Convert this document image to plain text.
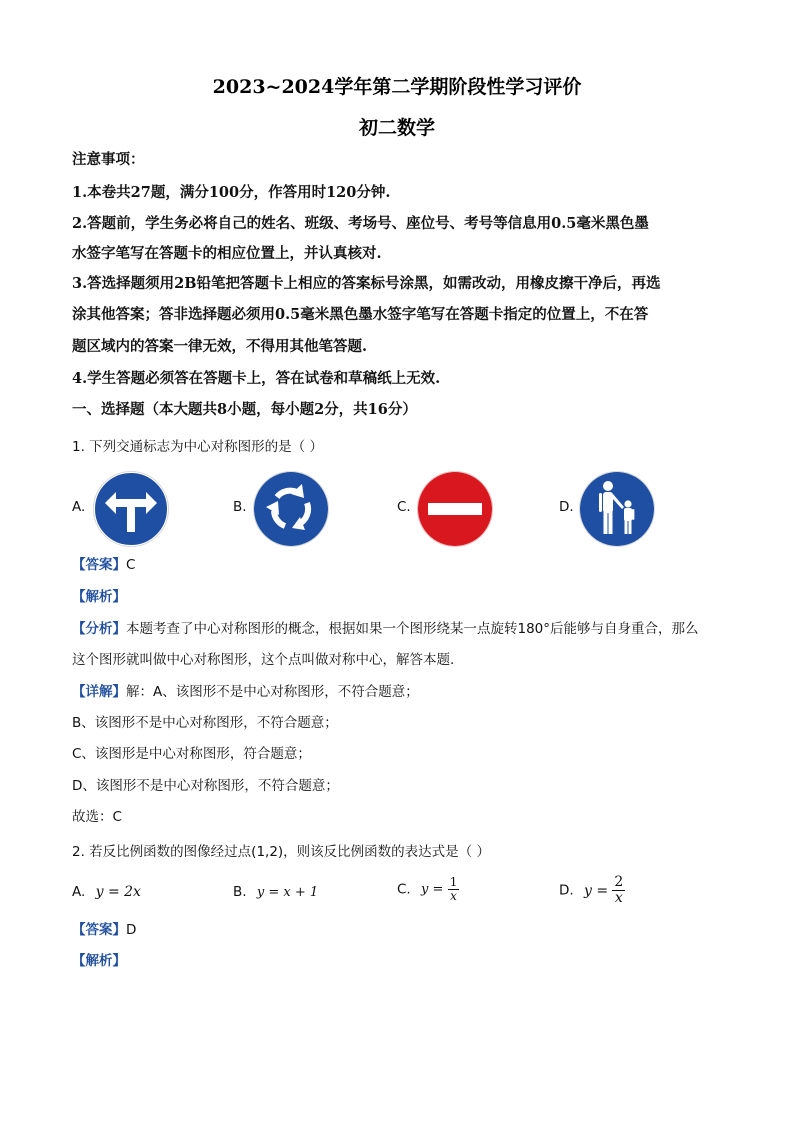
2023~2024学年第二学期阶段性学习评价
初二数学
注意事项：
1.本卷共27题，满分100分，作答用时120分钟.
2.答题前，学生务必将自己的姓名、班级、考场号、座位号、考号等信息用0.5毫米黑色墨
水签字笔写在答题卡的相应位置上，并认真核对.
3.答选择题须用2B铅笔把答题卡上相应的答案标号涂黑，如需改动，用橡皮擦干净后，再选
涂其他答案；答非选择题必须用0.5毫米黑色墨水签字笔写在答题卡指定的位置上，不在答
题区域内的答案一律无效，不得用其他笔答题.
4.学生答题必须答在答题卡上，答在试卷和草稿纸上无效.
一、选择题（本大题共8小题，每小题2分，共16分）
1. 下列交通标志为中心对称图形的是（ ）
A.	B.	C.	D.
【答案】C
【解析】
【分析】本题考查了中心对称图形的概念，根据如果一个图形绕某一点旋转180°后能够与自身重合，那么
这个图形就叫做中心对称图形，这个点叫做对称中心，解答本题.
【详解】解：A、该图形不是中心对称图形，不符合题意；
B、该图形不是中心对称图形，不符合题意；
C、该图形是中心对称图形，符合题意；
D、该图形不是中心对称图形，不符合题意；
故选：C
2. 若反比例函数的图像经过点(1,2)，则该反比例函数的表达式是（ ）
A. y = 2x	B. y = x + 1	C. $y = \frac{1}{x}$	D. $y = \frac{2}{x}$
【答案】D
【解析】
